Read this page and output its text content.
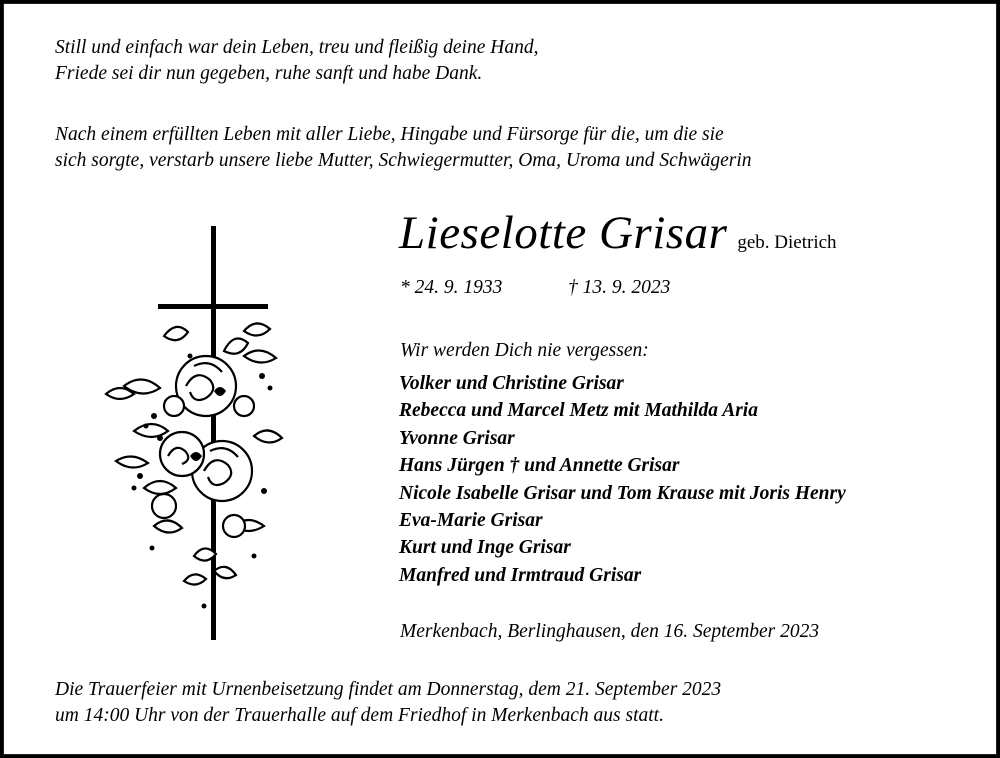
Still und einfach war dein Leben, treu und fleißig deine Hand,
Friede sei dir nun gegeben, ruhe sanft und habe Dank.
Nach einem erfüllten Leben mit aller Liebe, Hingabe und Fürsorge für die, um die sie
sich sorgte, verstarb unsere liebe Mutter, Schwiegermutter, Oma, Uroma und Schwägerin
Lieselotte Grisar geb. Dietrich
* 24. 9. 1933	† 13. 9. 2023
Wir werden Dich nie vergessen:
Volker und Christine Grisar
Rebecca und Marcel Metz mit Mathilda Aria
Yvonne Grisar
Hans Jürgen † und Annette Grisar
Nicole Isabelle Grisar und Tom Krause mit Joris Henry
Eva-Marie Grisar
Kurt und Inge Grisar
Manfred und Irmtraud Grisar
Merkenbach, Berlinghausen, den 16. September 2023
Die Trauerfeier mit Urnenbeisetzung findet am Donnerstag, dem 21. September 2023
um 14:00 Uhr von der Trauerhalle auf dem Friedhof in Merkenbach aus statt.
